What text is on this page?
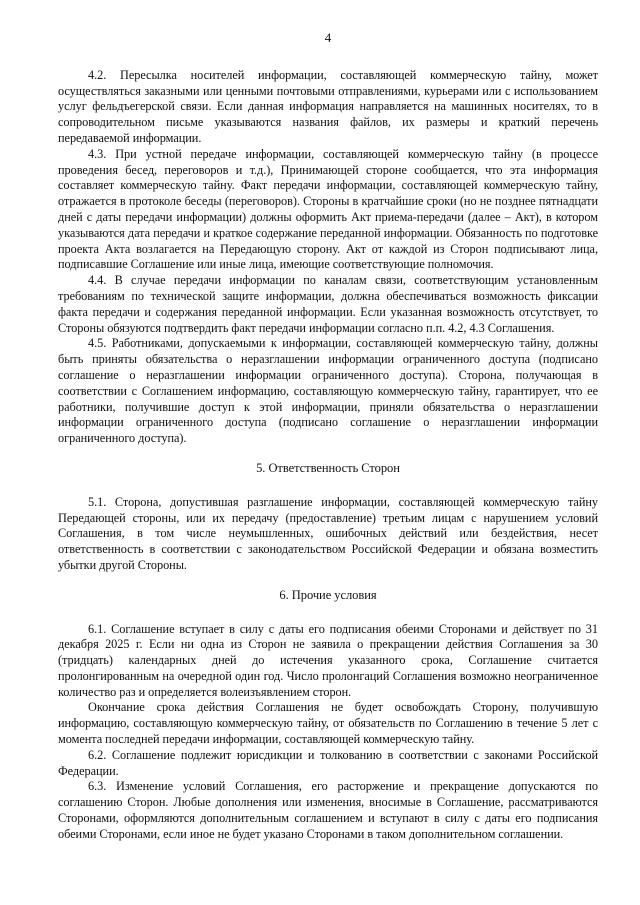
4

4.2. Пересылка носителей информации, составляющей коммерческую тайну, может осуществляться заказными или ценными почтовыми отправлениями, курьерами или с использованием услуг фельдъегерской связи. Если данная информация направляется на машинных носителях, то в сопроводительном письме указываются названия файлов, их размеры и краткий перечень передаваемой информации.

4.3. При устной передаче информации, составляющей коммерческую тайну (в процессе проведения бесед, переговоров и т.д.), Принимающей стороне сообщается, что эта информация составляет коммерческую тайну. Факт передачи информации, составляющей коммерческую тайну, отражается в протоколе беседы (переговоров). Стороны в кратчайшие сроки (но не позднее пятнадцати дней с даты передачи информации) должны оформить Акт приема-передачи (далее – Акт), в котором указываются дата передачи и краткое содержание переданной информации. Обязанность по подготовке проекта Акта возлагается на Передающую сторону. Акт от каждой из Сторон подписывают лица, подписавшие Соглашение или иные лица, имеющие соответствующие полномочия.

4.4. В случае передачи информации по каналам связи, соответствующим установленным требованиям по технической защите информации, должна обеспечиваться возможность фиксации факта передачи и содержания переданной информации. Если указанная возможность отсутствует, то Стороны обязуются подтвердить факт передачи информации согласно п.п. 4.2, 4.3 Соглашения.

4.5. Работниками, допускаемыми к информации, составляющей коммерческую тайну, должны быть приняты обязательства о неразглашении информации ограниченного доступа (подписано соглашение о неразглашении информации ограниченного доступа). Сторона, получающая в соответствии с Соглашением информацию, составляющую коммерческую тайну, гарантирует, что ее работники, получившие доступ к этой информации, приняли обязательства о неразглашении информации ограниченного доступа (подписано соглашение о неразглашении информации ограниченного доступа).

5. Ответственность Сторон

5.1. Сторона, допустившая разглашение информации, составляющей коммерческую тайну Передающей стороны, или их передачу (предоставление) третьим лицам с нарушением условий Соглашения, в том числе неумышленных, ошибочных действий или бездействия, несет ответственность в соответствии с законодательством Российской Федерации и обязана возместить убытки другой Стороны.

6. Прочие условия

6.1. Соглашение вступает в силу с даты его подписания обеими Сторонами и действует по 31 декабря 2025 г. Если ни одна из Сторон не заявила о прекращении действия Соглашения за 30 (тридцать) календарных дней до истечения указанного срока, Соглашение считается пролонгированным на очередной один год. Число пролонгаций Соглашения возможно неограниченное количество раз и определяется волеизъявлением сторон.

Окончание срока действия Соглашения не будет освобождать Сторону, получившую информацию, составляющую коммерческую тайну, от обязательств по Соглашению в течение 5 лет с момента последней передачи информации, составляющей коммерческую тайну.

6.2. Соглашение подлежит юрисдикции и толкованию в соответствии с законами Российской Федерации.

6.3. Изменение условий Соглашения, его расторжение и прекращение допускаются по соглашению Сторон. Любые дополнения или изменения, вносимые в Соглашение, рассматриваются Сторонами, оформляются дополнительным соглашением и вступают в силу с даты его подписания обеими Сторонами, если иное не будет указано Сторонами в таком дополнительном соглашении.
